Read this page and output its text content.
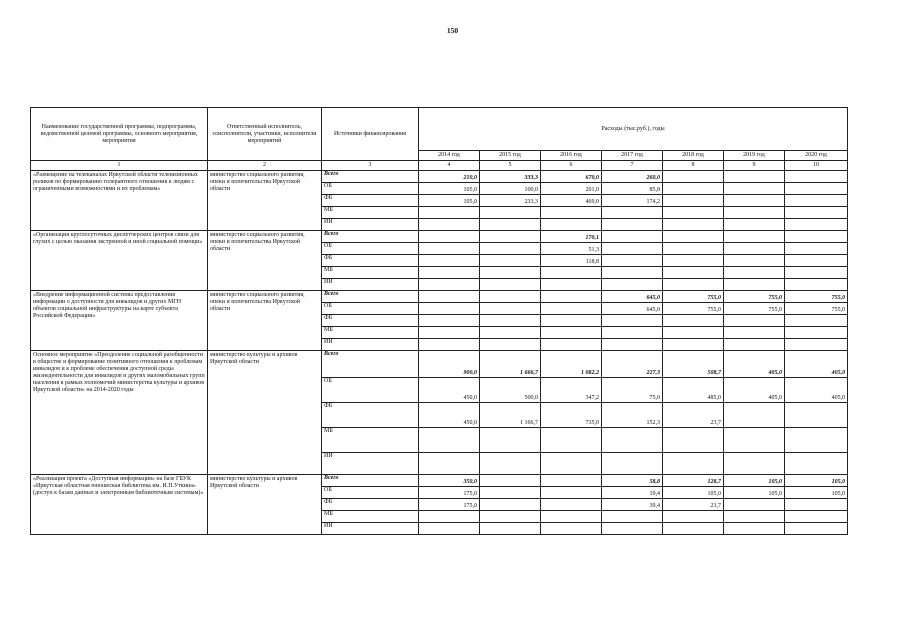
150
Наименование государственной программы, подпрограммы, ведомственной целевой программы, основного мероприятия, мероприятия	Ответственный исполнитель, соисполнители, участники, исполнители мероприятий	Источники финансирования	Расходы (тыс.руб.), годы						
			2014 год	2015 год	2016 год	2017 год	2018 год	2019 год	2020 год
1	2	3	4	5	6	7	8	9	10
«Размещение на телеканалах Иркутской области телевизионных роликов по формированию толерантного отношения к людям с ограниченными возможностями и их проблемам»	министерство социального развития, опеки и попечительства Иркутской области	Всего	210,0	333,3	670,0	260,0			
		ОБ	105,0	100,0	201,0	85,8			
		ФБ	105,0	233,3	469,0	174,2			
		МБ							
		ИИ							
«Организация круглосуточных диспетчерских центров связи для глухих с целью оказания экстренной и иной социальной помощи»	министерство социального развития, опеки и попечительства Иркутской области	Всего			170,1				
		ОБ			51,3				
		ФБ			118,8				
		МБ							
		ИИ							
«Внедрение информационной системы предоставления информации о доступности для инвалидов и других МГН объектов социальной инфраструктуры на карте субъекта Российской Федерации»	министерство социального развития, опеки и попечительства Иркутской области	Всего				645,0	755,0	755,0	755,0
		ОБ				645,0	755,0	755,0	755,0
		ФБ							
		МБ							
		ИИ							
Основное мероприятие «Преодоление социальной разобщенности в обществе и формирование позитивного отношения к проблемам инвалидов и к проблеме обеспечения доступной среды жизнедеятельности для инвалидов и других маломобильных групп населения в рамках полномочий министерства культуры и архивов Иркутской области» на 2014-2020 годы	министерство культуры и архивов Иркутской области	Всего	900,0	1 666,7	1 082,2	227,3	508,7	405,0	405,0
		ОБ	450,0	500,0	347,2	75,0	485,0	405,0	405,0
		ФБ	450,0	1 166,7	735,0	152,3	23,7		
		МБ							
		ИИ							
«Реализация проекта «Доступная информация» на базе ГБУК «Иркутская областная юношеская библиотека им. И.П.Уткина» (доступ к базам данных и электронным библиотечным системам)»	министерство культуры и архивов Иркутской области	Всего	350,0			58,8	128,7	105,0	105,0
		ОБ	175,0			19,4	105,0	105,0	105,0
		ФБ	175,0			39,4	23,7		
		МБ							
		ИИ							
